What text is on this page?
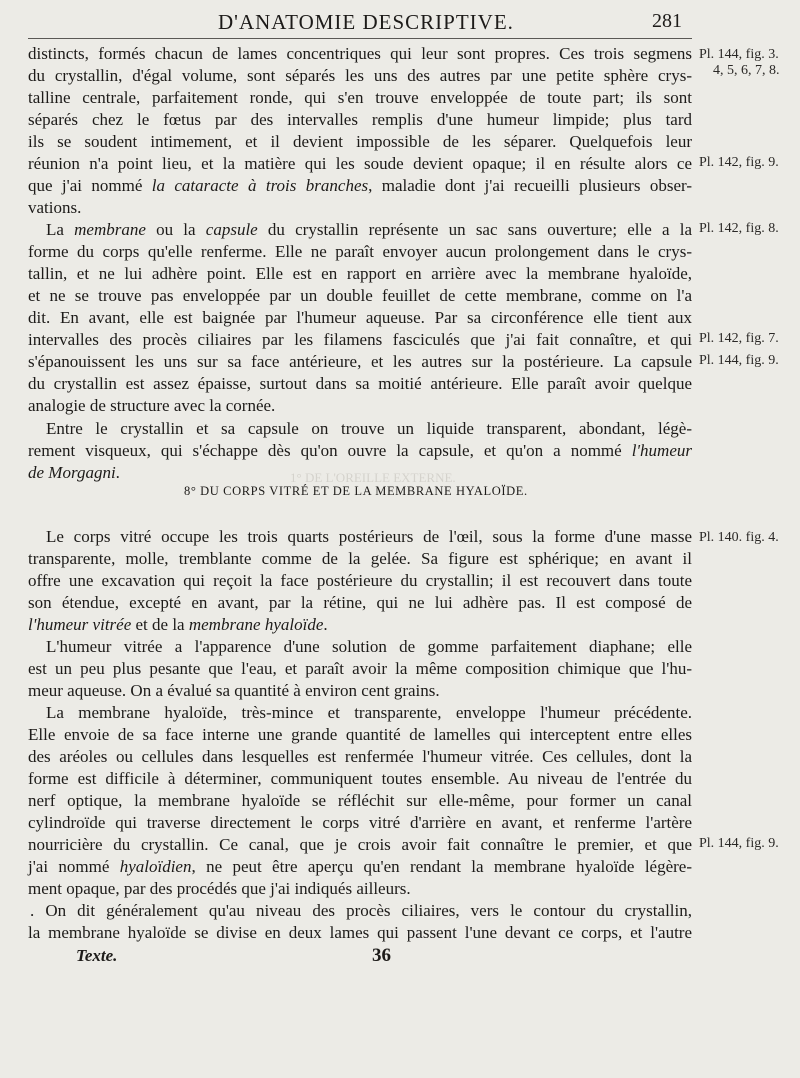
D'ANATOMIE DESCRIPTIVE.	281
1° DE L'OREILLE EXTERNE.
distincts, formés chacun de lames concentriques qui leur sont propres. Ces trois segmens
du crystallin, d'égal volume, sont séparés les uns des autres par une petite sphère crys-
talline centrale, parfaitement ronde, qui s'en trouve enveloppée de toute part; ils sont
séparés chez le fœtus par des intervalles remplis d'une humeur limpide; plus tard
ils se soudent intimement, et il devient impossible de les séparer. Quelquefois leur
réunion n'a point lieu, et la matière qui les soude devient opaque; il en résulte alors ce
que j'ai nommé la cataracte à trois branches, maladie dont j'ai recueilli plusieurs obser-
vations.
La membrane ou la capsule du crystallin représente un sac sans ouverture; elle a la
forme du corps qu'elle renferme. Elle ne paraît envoyer aucun prolongement dans le crys-
tallin, et ne lui adhère point. Elle est en rapport en arrière avec la membrane hyaloïde,
et ne se trouve pas enveloppée par un double feuillet de cette membrane, comme on l'a
dit. En avant, elle est baignée par l'humeur aqueuse. Par sa circonférence elle tient aux
intervalles des procès ciliaires par les filamens fasciculés que j'ai fait connaître, et qui
s'épanouissent les uns sur sa face antérieure, et les autres sur la postérieure. La capsule
du crystallin est assez épaisse, surtout dans sa moitié antérieure. Elle paraît avoir quelque
analogie de structure avec la cornée.
Entre le crystallin et sa capsule on trouve un liquide transparent, abondant, légè-
rement visqueux, qui s'échappe dès qu'on ouvre la capsule, et qu'on a nommé l'humeur
de Morgagni.
8° DU CORPS VITRÉ ET DE LA MEMBRANE HYALOÏDE.
Le corps vitré occupe les trois quarts postérieurs de l'œil, sous la forme d'une masse
transparente, molle, tremblante comme de la gelée. Sa figure est sphérique; en avant il
offre une excavation qui reçoit la face postérieure du crystallin; il est recouvert dans toute
son étendue, excepté en avant, par la rétine, qui ne lui adhère pas. Il est composé de
l'humeur vitrée et de la membrane hyaloïde.
L'humeur vitrée a l'apparence d'une solution de gomme parfaitement diaphane; elle
est un peu plus pesante que l'eau, et paraît avoir la même composition chimique que l'hu-
meur aqueuse. On a évalué sa quantité à environ cent grains.
La membrane hyaloïde, très-mince et transparente, enveloppe l'humeur précédente.
Elle envoie de sa face interne une grande quantité de lamelles qui interceptent entre elles
des aréoles ou cellules dans lesquelles est renfermée l'humeur vitrée. Ces cellules, dont la
forme est difficile à déterminer, communiquent toutes ensemble. Au niveau de l'entrée du
nerf optique, la membrane hyaloïde se réfléchit sur elle-même, pour former un canal
cylindroïde qui traverse directement le corps vitré d'arrière en avant, et renferme l'artère
nourricière du crystallin. Ce canal, que je crois avoir fait connaître le premier, et que
j'ai nommé hyaloïdien, ne peut être aperçu qu'en rendant la membrane hyaloïde légère-
ment opaque, par des procédés que j'ai indiqués ailleurs.
. On dit généralement qu'au niveau des procès ciliaires, vers le contour du crystallin,
la membrane hyaloïde se divise en deux lames qui passent l'une devant ce corps, et l'autre
Pl. 144, fig. 3.
4, 5, 6, 7, 8.
Pl. 142, fig. 9.
Pl. 142, fig. 8.
Pl. 142, fig. 7.
Pl. 144, fig. 9.
Pl. 140. fig. 4.
Pl. 144, fig. 9.
Texte.	36
